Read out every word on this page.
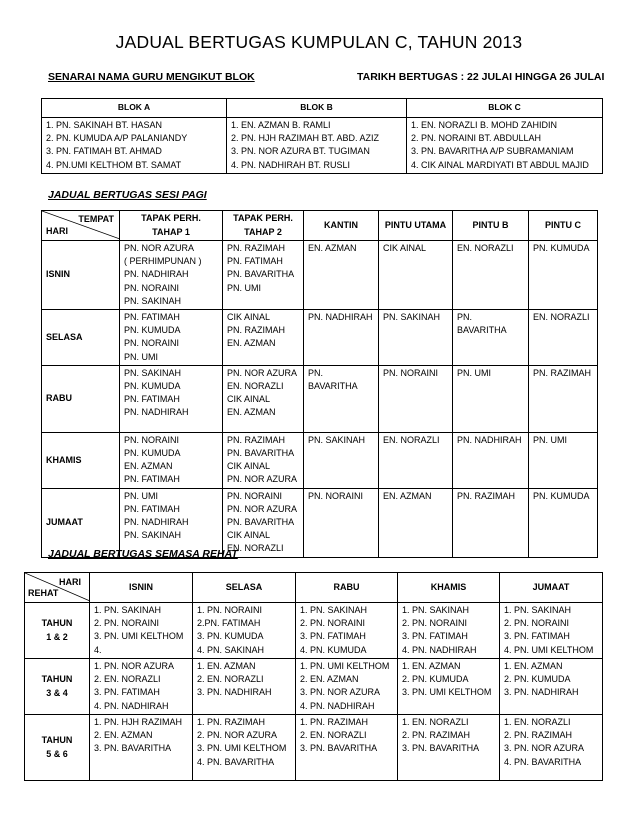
JADUAL BERTUGAS KUMPULAN C, TAHUN 2013
SENARAI NAMA GURU MENGIKUT BLOK	TARIKH BERTUGAS : 22 JULAI HINGGA 26 JULAI
BLOK A	BLOK B	BLOK C

1. PN. SAKINAH BT. HASAN
2. PN. KUMUDA A/P PALANIANDY
3. PN. FATIMAH BT. AHMAD
4. PN.UMI KELTHOM BT. SAMAT	1. EN. AZMAN B. RAMLI
2. PN. HJH RAZIMAH BT. ABD. AZIZ
3. PN. NOR AZURA BT. TUGIMAN
4. PN. NADHIRAH BT. RUSLI	1. EN. NORAZLI B. MOHD ZAHIDIN
2. PN. NORAINI BT. ABDULLAH
3. PN. BAVARITHA A/P SUBRAMANIAM
4. CIK AINAL MARDIYATI BT ABDUL MAJID
JADUAL BERTUGAS SESI PAGI
TEMPAT
HARI	TAPAK PERH.
TAHAP 1	TAPAK PERH.
TAHAP 2	KANTIN	PINTU UTAMA	PINTU B	PINTU C

ISNIN	PN. NOR AZURA
( PERHIMPUNAN )
PN. NADHIRAH
PN. NORAINI
PN. SAKINAH	PN. RAZIMAH
PN. FATIMAH
PN. BAVARITHA
PN. UMI	EN. AZMAN	CIK AINAL	EN. NORAZLI	PN. KUMUDA

SELASA	PN. FATIMAH
PN. KUMUDA
PN. NORAINI
PN. UMI	CIK AINAL
PN. RAZIMAH
EN. AZMAN	PN. NADHIRAH	PN. SAKINAH	PN.
BAVARITHA	EN. NORAZLI

RABU	PN. SAKINAH
PN. KUMUDA
PN. FATIMAH
PN. NADHIRAH	PN. NOR AZURA
EN. NORAZLI
CIK AINAL
EN. AZMAN	PN.
BAVARITHA	PN. NORAINI	PN. UMI	PN. RAZIMAH

KHAMIS	PN. NORAINI
PN. KUMUDA
EN. AZMAN
PN. FATIMAH	PN. RAZIMAH
PN. BAVARITHA
CIK AINAL
PN. NOR AZURA	PN. SAKINAH	EN. NORAZLI	PN. NADHIRAH	PN. UMI

JUMAAT	PN. UMI
PN. FATIMAH
PN. NADHIRAH
PN. SAKINAH	PN. NORAINI
PN. NOR AZURA
PN. BAVARITHA
CIK AINAL
EN. NORAZLI	PN. NORAINI	EN. AZMAN	PN. RAZIMAH	PN. KUMUDA
JADUAL BERTUGAS SEMASA REHAT
HARI
REHAT	ISNIN	SELASA	RABU	KHAMIS	JUMAAT

TAHUN
1 & 2	1. PN. SAKINAH
2. PN. NORAINI
3. PN. UMI KELTHOM
4.	1. PN. NORAINI
2.PN. FATIMAH
3. PN. KUMUDA
4. PN. SAKINAH	1. PN. SAKINAH
2. PN. NORAINI
3. PN. FATIMAH
4. PN. KUMUDA	1. PN. SAKINAH
2. PN. NORAINI
3. PN. FATIMAH
4. PN. NADHIRAH	1. PN. SAKINAH
2. PN. NORAINI
3. PN. FATIMAH
4. PN. UMI KELTHOM

TAHUN
3 & 4	1. PN. NOR AZURA
2. EN. NORAZLI
3. PN. FATIMAH
4. PN. NADHIRAH	1. EN. AZMAN
2. EN. NORAZLI
3. PN. NADHIRAH	1. PN. UMI KELTHOM
2. EN. AZMAN
3. PN. NOR AZURA
4. PN. NADHIRAH	1. EN. AZMAN
2. PN. KUMUDA
3. PN. UMI KELTHOM	1. EN. AZMAN
2. PN. KUMUDA
3. PN. NADHIRAH

TAHUN
5 & 6	1. PN. HJH RAZIMAH
2. EN. AZMAN
3. PN. BAVARITHA	1. PN. RAZIMAH
2. PN. NOR AZURA
3. PN. UMI KELTHOM
4. PN. BAVARITHA	1. PN. RAZIMAH
2. EN. NORAZLI
3. PN. BAVARITHA	1. EN. NORAZLI
2. PN. RAZIMAH
3. PN. BAVARITHA	1. EN. NORAZLI
2. PN. RAZIMAH
3. PN. NOR AZURA
4. PN. BAVARITHA
